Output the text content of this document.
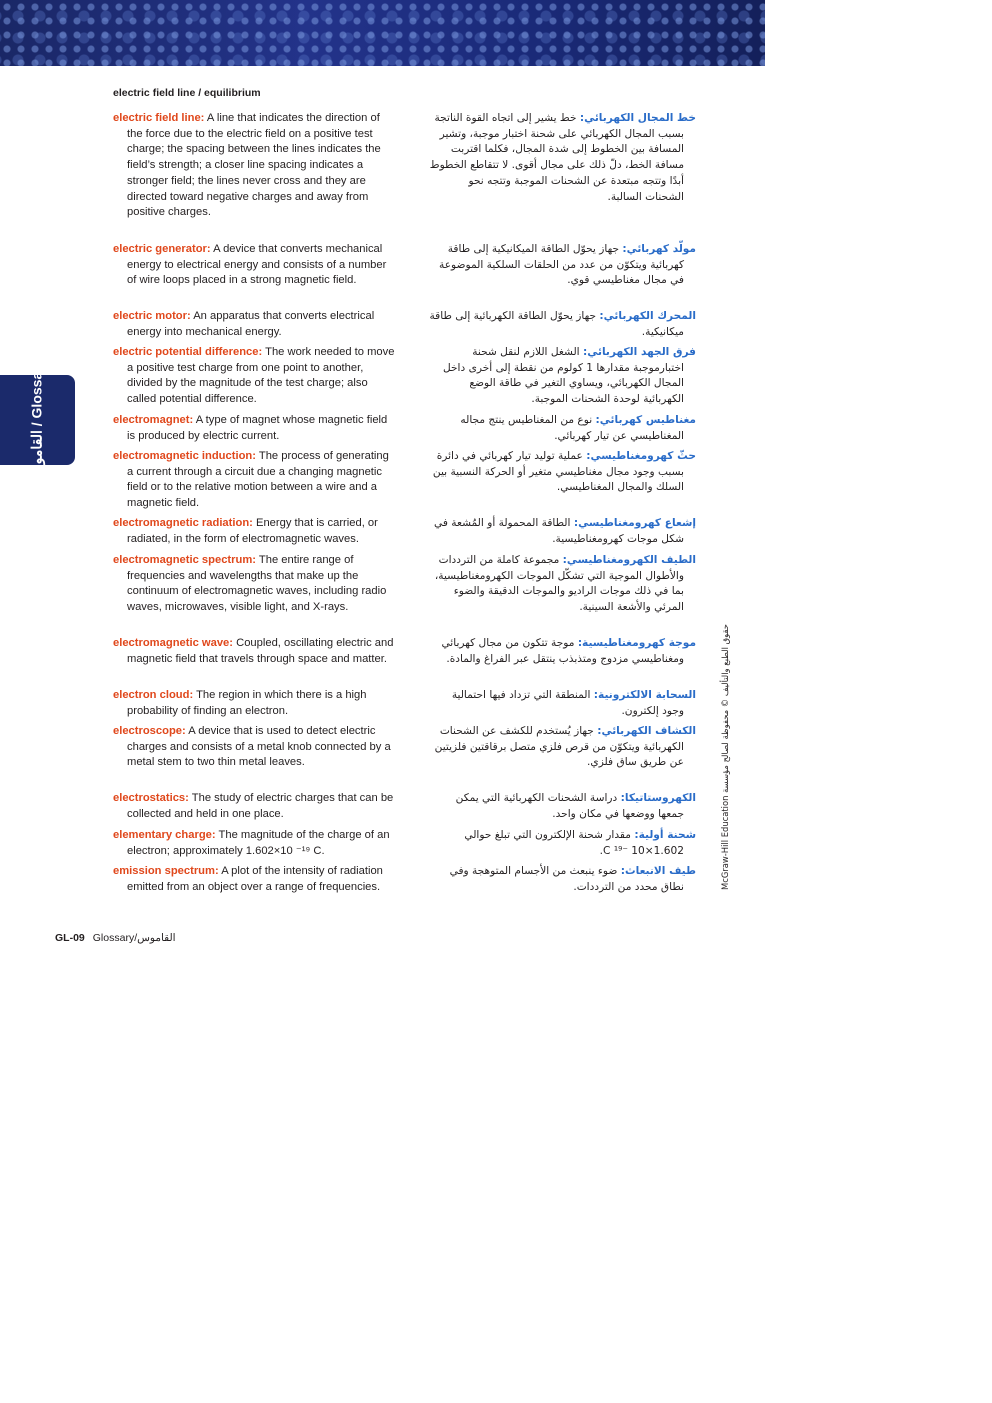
electric field line / equilibrium
القاموس / Glossary
electric field line: A line that indicates the direction of the force due to the electric field on a positive test charge; the spacing between the lines indicates the field’s strength; a closer line spacing indicates a stronger field; the lines never cross and they are directed toward negative charges and away from positive charges.
electric generator: A device that converts mechanical energy to electrical energy and consists of a number of wire loops placed in a strong magnetic field.
electric motor: An apparatus that converts electrical energy into mechanical energy.
electric potential difference: The work needed to move a positive test charge from one point to another, divided by the magnitude of the test charge; also called potential difference.
electromagnet: A type of magnet whose magnetic field is produced by electric current.
electromagnetic induction: The process of generating a current through a circuit due a changing magnetic field or to the relative motion between a wire and a magnetic field.
electromagnetic radiation: Energy that is carried, or radiated, in the form of electromagnetic waves.
electromagnetic spectrum: The entire range of frequencies and wavelengths that make up the continuum of electromagnetic waves, including radio waves, microwaves, visible light, and X-rays.
electromagnetic wave: Coupled, oscillating electric and magnetic field that travels through space and matter.
electron cloud: The region in which there is a high probability of finding an electron.
electroscope: A device that is used to detect electric charges and consists of a metal knob connected by a metal stem to two thin metal leaves.
electrostatics: The study of electric charges that can be collected and held in one place.
elementary charge: The magnitude of the charge of an electron; approximately 1.602×10 ⁻¹⁹ C.
emission spectrum: A plot of the intensity of radiation emitted from an object over a range of frequencies.
خط المجال الكهربائي: خط يشير إلى اتجاه القوة الناتجة بسبب المجال الكهربائي على شحنة اختبار موجبة، وتشير المسافة بين الخطوط إلى شدة المجال، فكلما اقتربت مسافة الخط، دلّ ذلك على مجال أقوى. لا تتقاطع الخطوط أبدًا وتتجه مبتعدة عن الشحنات الموجبة وتتجه نحو الشحنات السالبة.
مولّد كهربائي: جهاز يحوّل الطاقة الميكانيكية إلى طاقة كهربائية ويتكوّن من عدد من الحلقات السلكية الموضوعة في مجال مغناطيسي قوي.
المحرك الكهربائي: جهاز يحوّل الطاقة الكهربائية إلى طاقة ميكانيكية.
فرق الجهد الكهربائي: الشغل اللازم لنقل شحنة اختبارموجبة مقدارها 1 كولوم من نقطة إلى أخرى داخل المجال الكهربائي، ويساوي التغير في طاقة الوضع الكهربائية لوحدة الشحنات الموجبة.
مغناطيس كهربائي: نوع من المغناطيس ينتج مجاله المغناطيسي عن تيار كهربائي.
حثّ كهرومغناطيسي: عملية توليد تيار كهربائي في دائرة بسبب وجود مجال مغناطيسي متغير أو الحركة النسبية بين السلك والمجال المغناطيسي.
إشعاع كهرومغناطيسي: الطاقة المحمولة أو المُشعة في شكل موجات كهرومغناطيسية.
الطيف الكهرومغناطيسي: مجموعة كاملة من الترددات والأطوال الموجية التي تشكّل الموجات الكهرومغناطيسية، بما في ذلك موجات الراديو والموجات الدقيقة والضوء المرئي والأشعة السينية.
موجة كهرومغناطيسية: موجة تتكون من مجال كهربائي ومغناطيسي مزدوج ومتذبذب ينتقل عبر الفراغ والمادة.
السحابة الالكترونية: المنطقة التي تزداد فيها احتمالية وجود إلكترون.
الكشاف الكهربائي: جهاز يُستخدم للكشف عن الشحنات الكهربائية ويتكوّن من قرص فلزي متصل برقاقتين فلزيتين عن طريق ساق فلزي.
الكهروستاتيكا: دراسة الشحنات الكهربائية التي يمكن جمعها ووضعها في مكان واحد.
شحنة أولية: مقدار شحنة الإلكترون التي تبلغ حوالي 1.602×10 ⁻¹⁹ C.
طيف الانبعاث: ضوء ينبعث من الأجسام المتوهجة وفي نطاق محدد من الترددات.	حقوق الطبع والتأليف © محفوظة لصالح مؤسسة McGraw-Hill Education
GL-09 Glossary/القاموس
